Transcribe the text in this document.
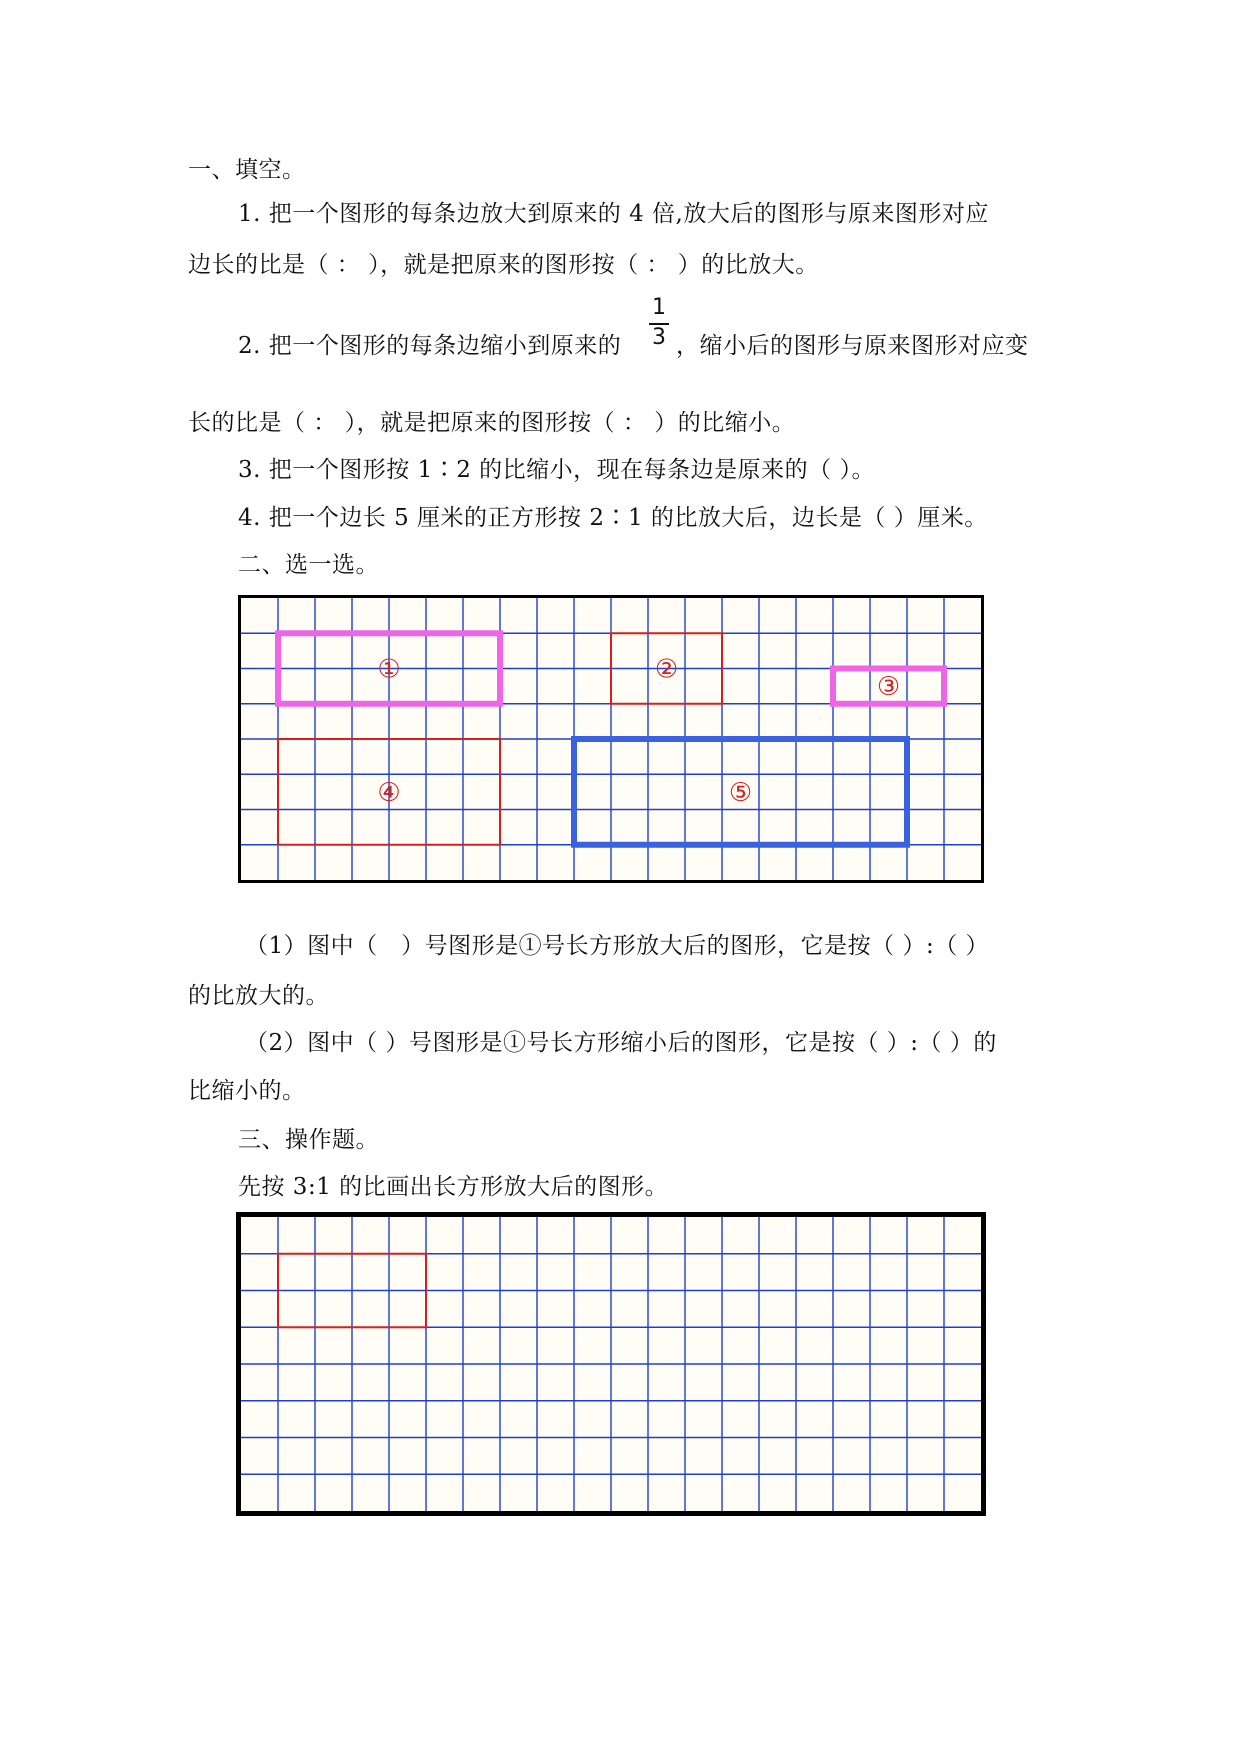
一、填空。
1. 把一个图形的每条边放大到原来的 4 倍,放大后的图形与原来图形对应
边长的比是（ ： ），就是把原来的图形按（ ： ）的比放大。
2. 把一个图形的每条边缩小到原来的
1
3 ，缩小后的图形与原来图形对应变
长的比是（ ： ），就是把原来的图形按（ ： ）的比缩小。
3. 把一个图形按 1∶2 的比缩小，现在每条边是原来的（ ）。
4. 把一个边长 5 厘米的正方形按 2∶1 的比放大后，边长是（ ）厘米。
二、选一选。
①	②
③
④	⑤
（1）图中（　）号图形是①号长方形放大后的图形，它是按（ ）:（ ）
的比放大的。
（2）图中（ ）号图形是①号长方形缩小后的图形，它是按（ ）:（ ）的
比缩小的。
三、操作题。
先按 3:1 的比画出长方形放大后的图形。
